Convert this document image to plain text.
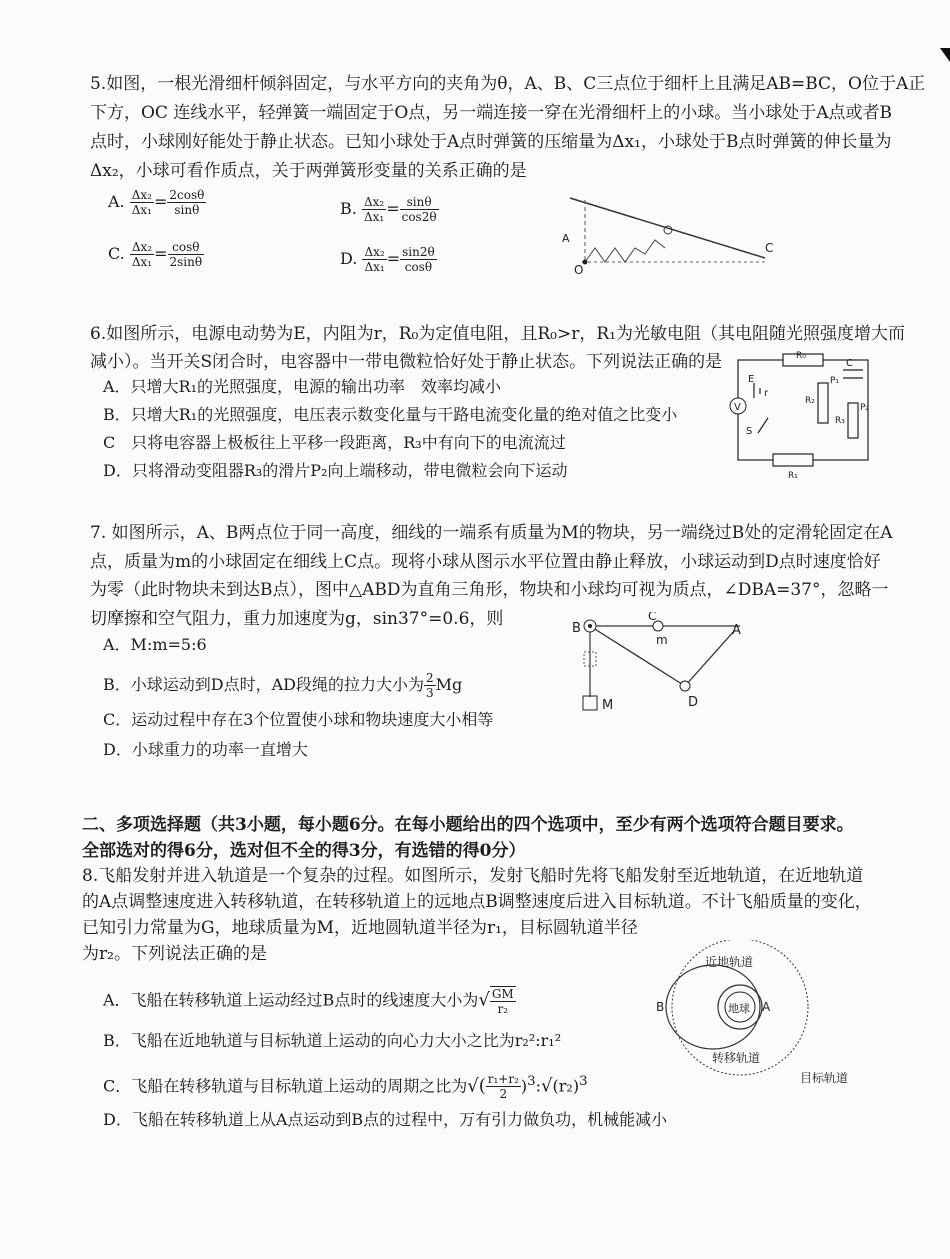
5.如图，一根光滑细杆倾斜固定，与水平方向的夹角为θ，A、B、C三点位于细杆上且满足AB=BC，O位于A正
下方，OC 连线水平，轻弹簧一端固定于O点，另一端连接一穿在光滑细杆上的小球。当小球处于A点或者B
点时，小球刚好能处于静止状态。已知小球处于A点时弹簧的压缩量为Δx₁，小球处于B点时弹簧的伸长量为
Δx₂，小球可看作质点，关于两弹簧形变量的关系正确的是
A. $\frac{\text{Δx₂}}{\text{Δx₁}} = \frac{2\cos\theta}{\sin\theta}$	B. $\frac{\text{Δx₂}}{\text{Δx₁}} = \frac{\sin\theta}{\cos 2\theta}$
C. $\frac{\text{Δx₂}}{\text{Δx₁}} = \frac{\cos\theta}{2\sin\theta}$	D. $\frac{\text{Δx₂}}{\text{Δx₁}} = \frac{\sin 2\theta}{\cos\theta}$
A
O
C
6.如图所示，电源电动势为E，内阻为r，R₀为定值电阻，且R₀>r，R₁为光敏电阻（其电阻随光照强度增大而
减小）。当开关S闭合时，电容器中一带电微粒恰好处于静止状态。下列说法正确的是
A．只增大R₁的光照强度，电源的输出功率　效率均减小
B．只增大R₁的光照强度，电压表示数变化量与干路电流变化量的绝对值之比变小
C　只将电容器上极板往上平移一段距离，R₃中有向下的电流流过
D．只将滑动变阻器R₃的滑片P₂向上端移动，带电微粒会向下运动
V
R₀
R₁
R₂
R₃
P₁
P₂
C
E
r
S
7. 如图所示，A、B两点位于同一高度，细线的一端系有质量为M的物块，另一端绕过B处的定滑轮固定在A
点，质量为m的小球固定在细线上C点。现将小球从图示水平位置由静止释放，小球运动到D点时速度恰好
为零（此时物块未到达B点），图中△ABD为直角三角形，物块和小球均可视为质点，∠DBA=37°，忽略一
切摩擦和空气阻力，重力加速度为g，sin37°=0.6，则
A．M:m=5:6
B．小球运动到D点时，AD段绳的拉力大小为 $\frac{2}{3}$ Mg
C．运动过程中存在3个位置使小球和物块速度大小相等
D．小球重力的功率一直增大
B
C
A
m
D
M
二、多项选择题（共3小题，每小题6分。在每小题给出的四个选项中，至少有两个选项符合题目要求。
全部选对的得6分，选对但不全的得3分，有选错的得0分）
8.飞船发射并进入轨道是一个复杂的过程。如图所示，发射飞船时先将飞船发射至近地轨道，在近地轨道
的A点调整速度进入转移轨道，在转移轨道上的远地点B调整速度后进入目标轨道。不计飞船质量的变化，
已知引力常量为G，地球质量为M，近地圆轨道半径为r₁，目标圆轨道半径
为r₂。下列说法正确的是
A．飞船在转移轨道上运动经过B点时的线速度大小为√ $\frac{GM}{\text{r₂}}$
B．飞船在近地轨道与目标轨道上运动的向心力大小之比为r₂²:r₁²
C．飞船在转移轨道与目标轨道上运动的周期之比为√( $\frac{\text{r₁+r₂}}{2}$ )$^3:√(r_2)^3$
D．飞船在转移轨道上从A点运动到B点的过程中，万有引力做负功，机械能减小
地球
近地轨道
转移轨道
目标轨道
A
B
